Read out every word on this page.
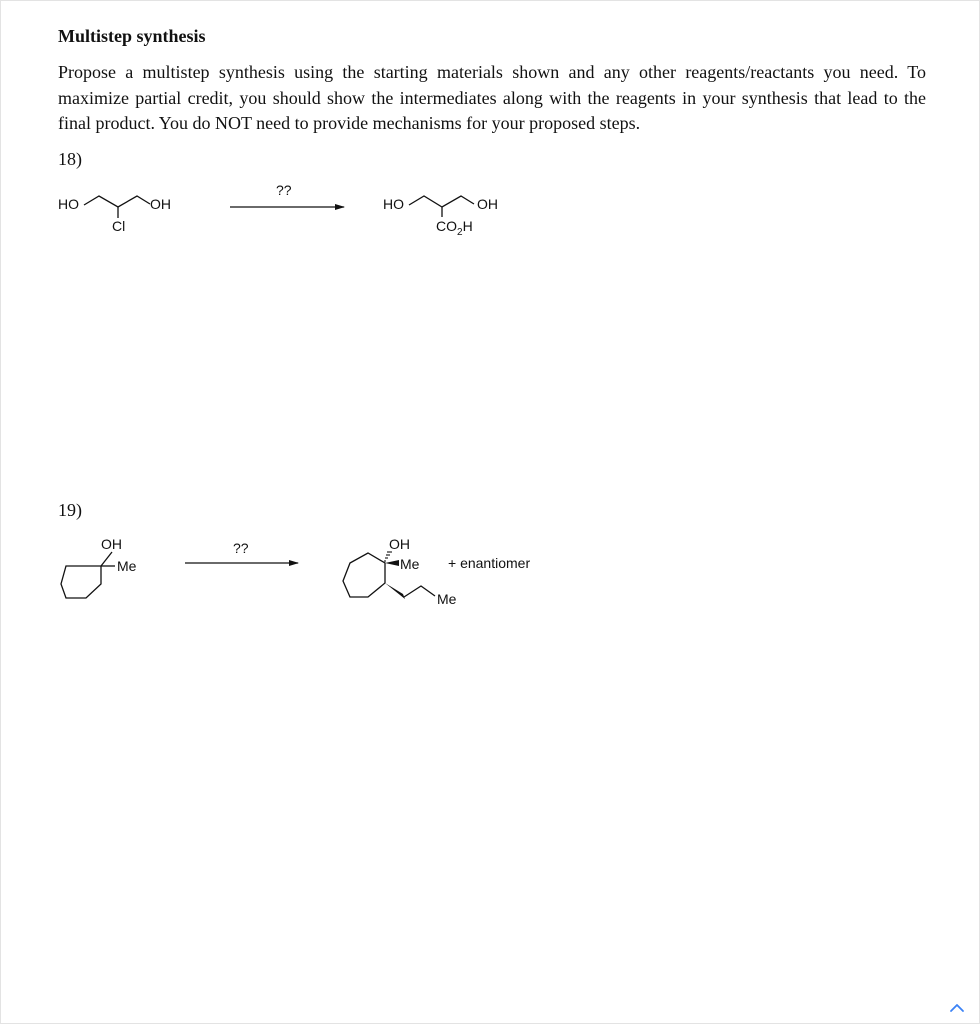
Multistep synthesis

Propose a multistep synthesis using the starting materials shown and any other reagents/reactants you need. To maximize partial credit, you should show the intermediates along with the reagents in your synthesis that lead to the final product. You do NOT need to provide mechanisms for your proposed steps.

18)
HO
Cl
OH
??
HO
$CO_2H$
OH
OH
Me
??	OH
Me
Me
+ enantiomer
19)
